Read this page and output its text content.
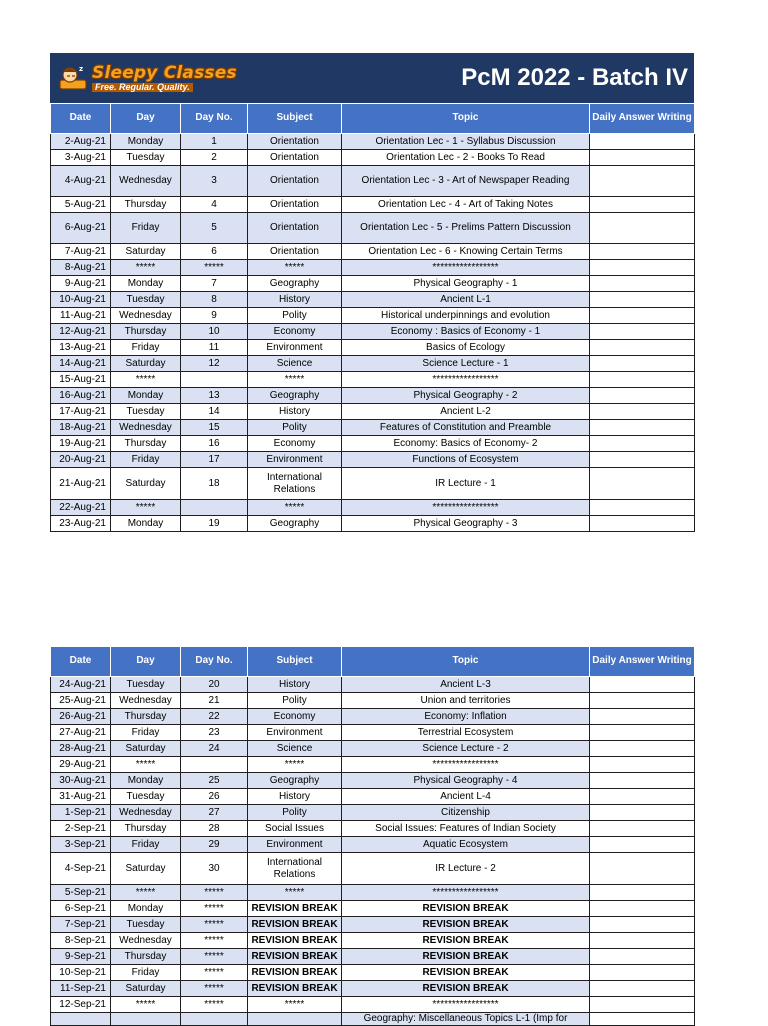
z Sleepy Classes
Free. Regular. Quality.	PcM 2022 - Batch IV
Date	Day	Day No.	Subject	Topic	Daily Answer Writing
2-Aug-21	Monday	1	Orientation	Orientation Lec - 1 - Syllabus Discussion	
3-Aug-21	Tuesday	2	Orientation	Orientation Lec - 2 - Books To Read	
4-Aug-21	Wednesday	3	Orientation	Orientation Lec - 3 - Art of Newspaper Reading	
5-Aug-21	Thursday	4	Orientation	Orientation Lec - 4 - Art of Taking Notes	
6-Aug-21	Friday	5	Orientation	Orientation Lec - 5 - Prelims Pattern Discussion	
7-Aug-21	Saturday	6	Orientation	Orientation Lec - 6 - Knowing Certain Terms	
8-Aug-21	*****	*****	*****	*****************	
9-Aug-21	Monday	7	Geography	Physical Geography - 1	
10-Aug-21	Tuesday	8	History	Ancient L-1	
11-Aug-21	Wednesday	9	Polity	Historical underpinnings and evolution	
12-Aug-21	Thursday	10	Economy	Economy : Basics of Economy - 1	
13-Aug-21	Friday	11	Environment	Basics of Ecology	
14-Aug-21	Saturday	12	Science	Science Lecture - 1	
15-Aug-21	*****		*****	*****************	
16-Aug-21	Monday	13	Geography	Physical Geography - 2	
17-Aug-21	Tuesday	14	History	Ancient L-2	
18-Aug-21	Wednesday	15	Polity	Features of Constitution and Preamble	
19-Aug-21	Thursday	16	Economy	Economy: Basics of Economy- 2	
20-Aug-21	Friday	17	Environment	Functions of Ecosystem	
21-Aug-21	Saturday	18	International Relations	IR Lecture - 1	
22-Aug-21	*****		*****	*****************	
23-Aug-21	Monday	19	Geography	Physical Geography - 3	
Date	Day	Day No.	Subject	Topic	Daily Answer Writing
24-Aug-21	Tuesday	20	History	Ancient L-3	
25-Aug-21	Wednesday	21	Polity	Union and territories	
26-Aug-21	Thursday	22	Economy	Economy: Inflation	
27-Aug-21	Friday	23	Environment	Terrestrial Ecosystem	
28-Aug-21	Saturday	24	Science	Science Lecture - 2	
29-Aug-21	*****		*****	*****************	
30-Aug-21	Monday	25	Geography	Physical Geography - 4	
31-Aug-21	Tuesday	26	History	Ancient L-4	
1-Sep-21	Wednesday	27	Polity	Citizenship	
2-Sep-21	Thursday	28	Social Issues	Social Issues: Features of Indian Society	
3-Sep-21	Friday	29	Environment	Aquatic Ecosystem	
4-Sep-21	Saturday	30	International Relations	IR Lecture - 2	
5-Sep-21	*****	*****	*****	*****************	
6-Sep-21	Monday	*****	REVISION BREAK	REVISION BREAK	
7-Sep-21	Tuesday	*****	REVISION BREAK	REVISION BREAK	
8-Sep-21	Wednesday	*****	REVISION BREAK	REVISION BREAK	
9-Sep-21	Thursday	*****	REVISION BREAK	REVISION BREAK	
10-Sep-21	Friday	*****	REVISION BREAK	REVISION BREAK	
11-Sep-21	Saturday	*****	REVISION BREAK	REVISION BREAK	
12-Sep-21	*****	*****	*****	*****************	
				Geography: Miscellaneous Topics L-1 (Imp for	
